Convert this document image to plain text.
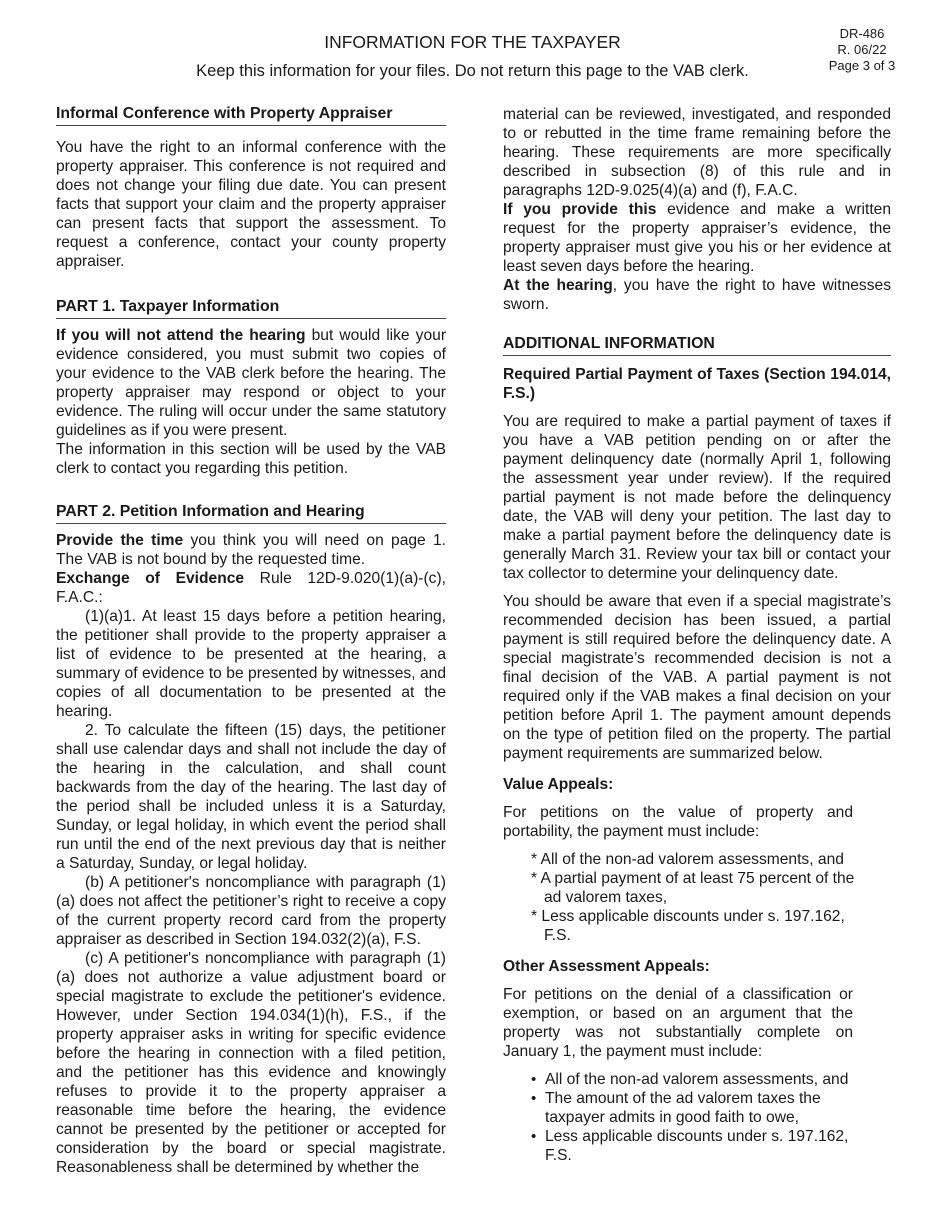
INFORMATION FOR THE TAXPAYER
Keep this information for your files. Do not return this page to the VAB clerk.
DR-486
R. 06/22
Page 3 of 3
Informal Conference with Property Appraiser

You have the right to an informal conference with the property appraiser. This conference is not required and does not change your filing due date. You can present facts that support your claim and the property appraiser can present facts that support the assessment. To request a conference, contact your county property appraiser.

PART 1. Taxpayer Information

If you will not attend the hearing but would like your evidence considered, you must submit two copies of your evidence to the VAB clerk before the hearing. The property appraiser may respond or object to your evidence. The ruling will occur under the same statutory guidelines as if you were present.

The information in this section will be used by the VAB clerk to contact you regarding this petition.

PART 2. Petition Information and Hearing

Provide the time you think you will need on page 1. The VAB is not bound by the requested time.

Exchange of Evidence Rule 12D-9.020(1)(a)-(c), F.A.C.:

(1)(a)1. At least 15 days before a petition hearing, the petitioner shall provide to the property appraiser a list of evidence to be presented at the hearing, a summary of evidence to be presented by witnesses, and copies of all documentation to be presented at the hearing.

2. To calculate the fifteen (15) days, the petitioner shall use calendar days and shall not include the day of the hearing in the calculation, and shall count backwards from the day of the hearing. The last day of the period shall be included unless it is a Saturday, Sunday, or legal holiday, in which event the period shall run until the end of the next previous day that is neither a Saturday, Sunday, or legal holiday.

(b) A petitioner's noncompliance with paragraph (1)(a) does not affect the petitioner’s right to receive a copy of the current property record card from the property appraiser as described in Section 194.032(2)(a), F.S.

(c) A petitioner's noncompliance with paragraph (1)(a) does not authorize a value adjustment board or special magistrate to exclude the petitioner's evidence. However, under Section 194.034(1)(h), F.S., if the property appraiser asks in writing for specific evidence before the hearing in connection with a filed petition, and the petitioner has this evidence and knowingly refuses to provide it to the property appraiser a reasonable time before the hearing, the evidence cannot be presented by the petitioner or accepted for consideration by the board or special magistrate. Reasonableness shall be determined by whether the

material can be reviewed, investigated, and responded to or rebutted in the time frame remaining before the hearing. These requirements are more specifically described in subsection (8) of this rule and in paragraphs 12D-9.025(4)(a) and (f), F.A.C.

If you provide this evidence and make a written request for the property appraiser’s evidence, the property appraiser must give you his or her evidence at least seven days before the hearing.

At the hearing, you have the right to have witnesses sworn.

ADDITIONAL INFORMATION

Required Partial Payment of Taxes (Section 194.014, F.S.)

You are required to make a partial payment of taxes if you have a VAB petition pending on or after the payment delinquency date (normally April 1, following the assessment year under review). If the required partial payment is not made before the delinquency date, the VAB will deny your petition. The last day to make a partial payment before the delinquency date is generally March 31. Review your tax bill or contact your tax collector to determine your delinquency date.

You should be aware that even if a special magistrate’s recommended decision has been issued, a partial payment is still required before the delinquency date. A special magistrate’s recommended decision is not a final decision of the VAB. A partial payment is not required only if the VAB makes a final decision on your petition before April 1. The payment amount depends on the type of petition filed on the property. The partial payment requirements are summarized below.

Value Appeals:

For petitions on the value of property and portability, the payment must include:

* All of the non-ad valorem assessments, and
* A partial payment of at least 75 percent of the ad valorem taxes,
* Less applicable discounts under s. 197.162, F.S.

Other Assessment Appeals:

For petitions on the denial of a classification or exemption, or based on an argument that the property was not substantially complete on January 1, the payment must include:

• All of the non-ad valorem assessments, and
• The amount of the ad valorem taxes the taxpayer admits in good faith to owe,
• Less applicable discounts under s. 197.162, F.S.
